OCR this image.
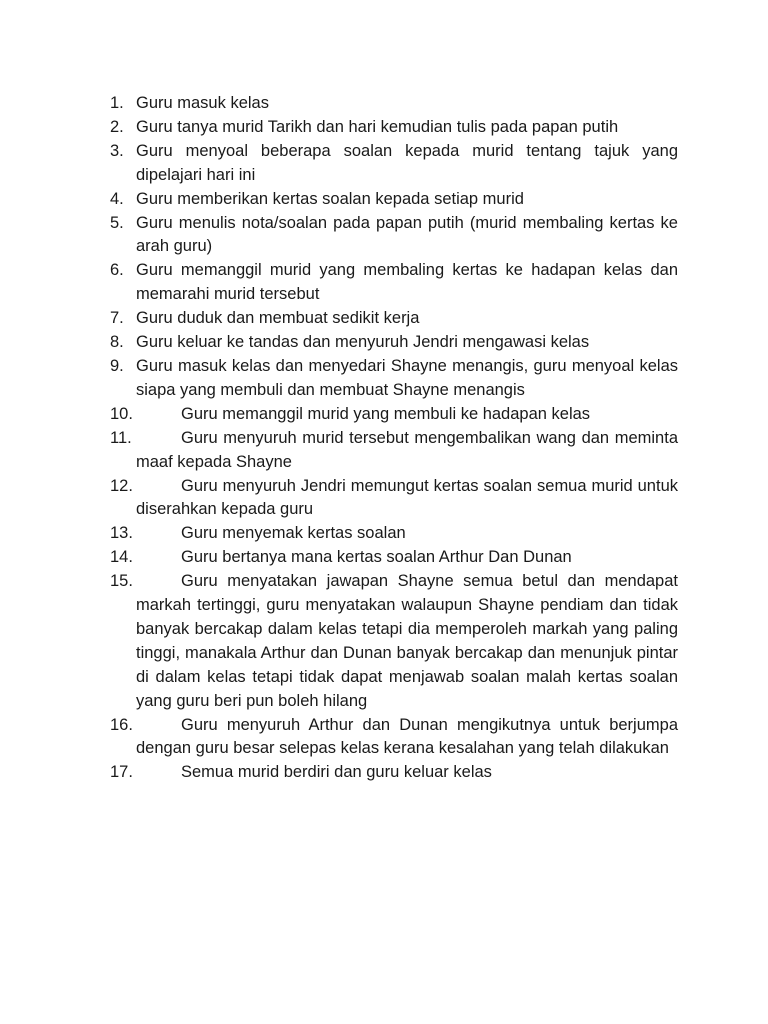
1. Guru masuk kelas
2. Guru tanya murid Tarikh dan hari kemudian tulis pada papan putih
3. Guru menyoal beberapa soalan kepada murid tentang tajuk yang dipelajari hari ini
4. Guru memberikan kertas soalan kepada setiap murid
5. Guru menulis nota/soalan pada papan putih (murid membaling kertas ke arah guru)
6. Guru memanggil murid yang membaling kertas ke hadapan kelas dan memarahi murid tersebut
7. Guru duduk dan membuat sedikit kerja
8. Guru keluar ke tandas dan menyuruh Jendri mengawasi kelas
9. Guru masuk kelas dan menyedari Shayne menangis, guru menyoal kelas siapa yang membuli dan membuat Shayne menangis
10.	Guru memanggil murid yang membuli ke hadapan kelas
11.	Guru menyuruh murid tersebut mengembalikan wang dan meminta maaf kepada Shayne
12.	Guru menyuruh Jendri memungut kertas soalan semua murid untuk diserahkan kepada guru
13.	Guru menyemak kertas soalan
14.	Guru bertanya mana kertas soalan Arthur Dan Dunan
15.	Guru menyatakan jawapan Shayne semua betul dan mendapat markah tertinggi, guru menyatakan walaupun Shayne pendiam dan tidak banyak bercakap dalam kelas tetapi dia memperoleh markah yang paling tinggi, manakala Arthur dan Dunan banyak bercakap dan menunjuk pintar di dalam kelas tetapi tidak dapat menjawab soalan malah kertas soalan yang guru beri pun boleh hilang
16.	Guru menyuruh Arthur dan Dunan mengikutnya untuk berjumpa dengan guru besar selepas kelas kerana kesalahan yang telah dilakukan
17.	Semua murid berdiri dan guru keluar kelas
